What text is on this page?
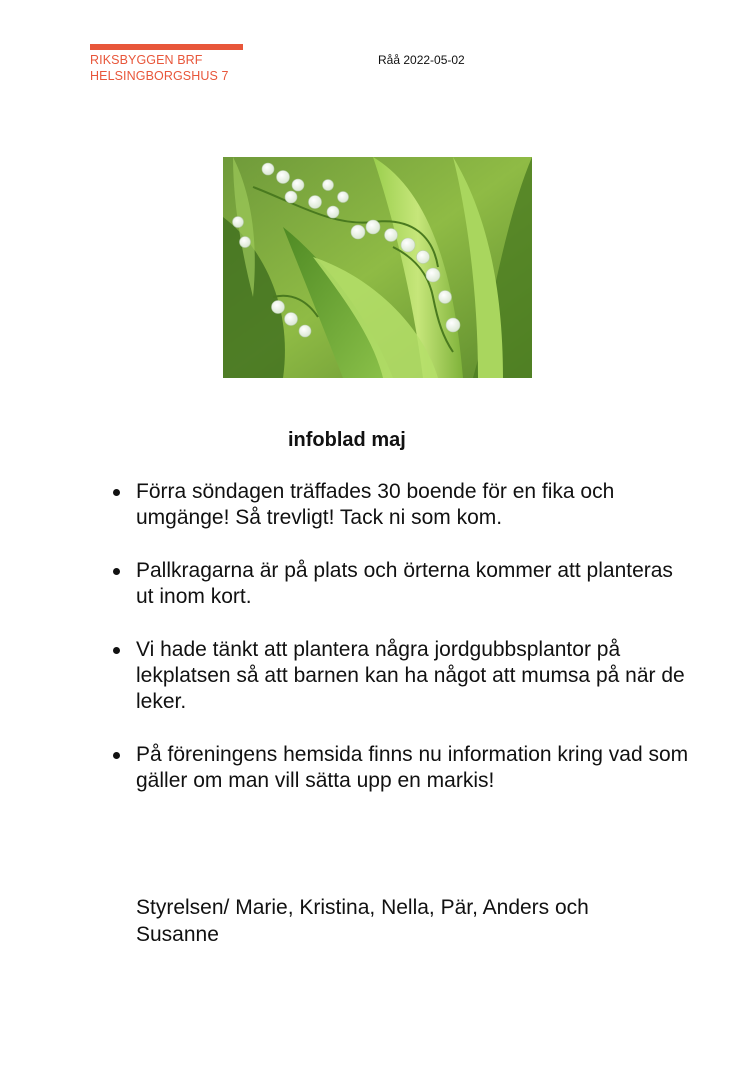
RIKSBYGGEN BRF
HELSINGBORGSHUS 7
Råå 2022-05-02
infoblad maj
Förra söndagen träffades 30 boende för en fika och umgänge! Så trevligt! Tack ni som kom.
Pallkragarna är på plats och örterna kommer att planteras ut inom kort.
Vi hade tänkt att plantera några jordgubbsplantor på lekplatsen så att barnen kan ha något att mumsa på när de leker.
På föreningens hemsida finns nu information kring vad som gäller om man vill sätta upp en markis!
Styrelsen/ Marie, Kristina, Nella, Pär, Anders och Susanne
